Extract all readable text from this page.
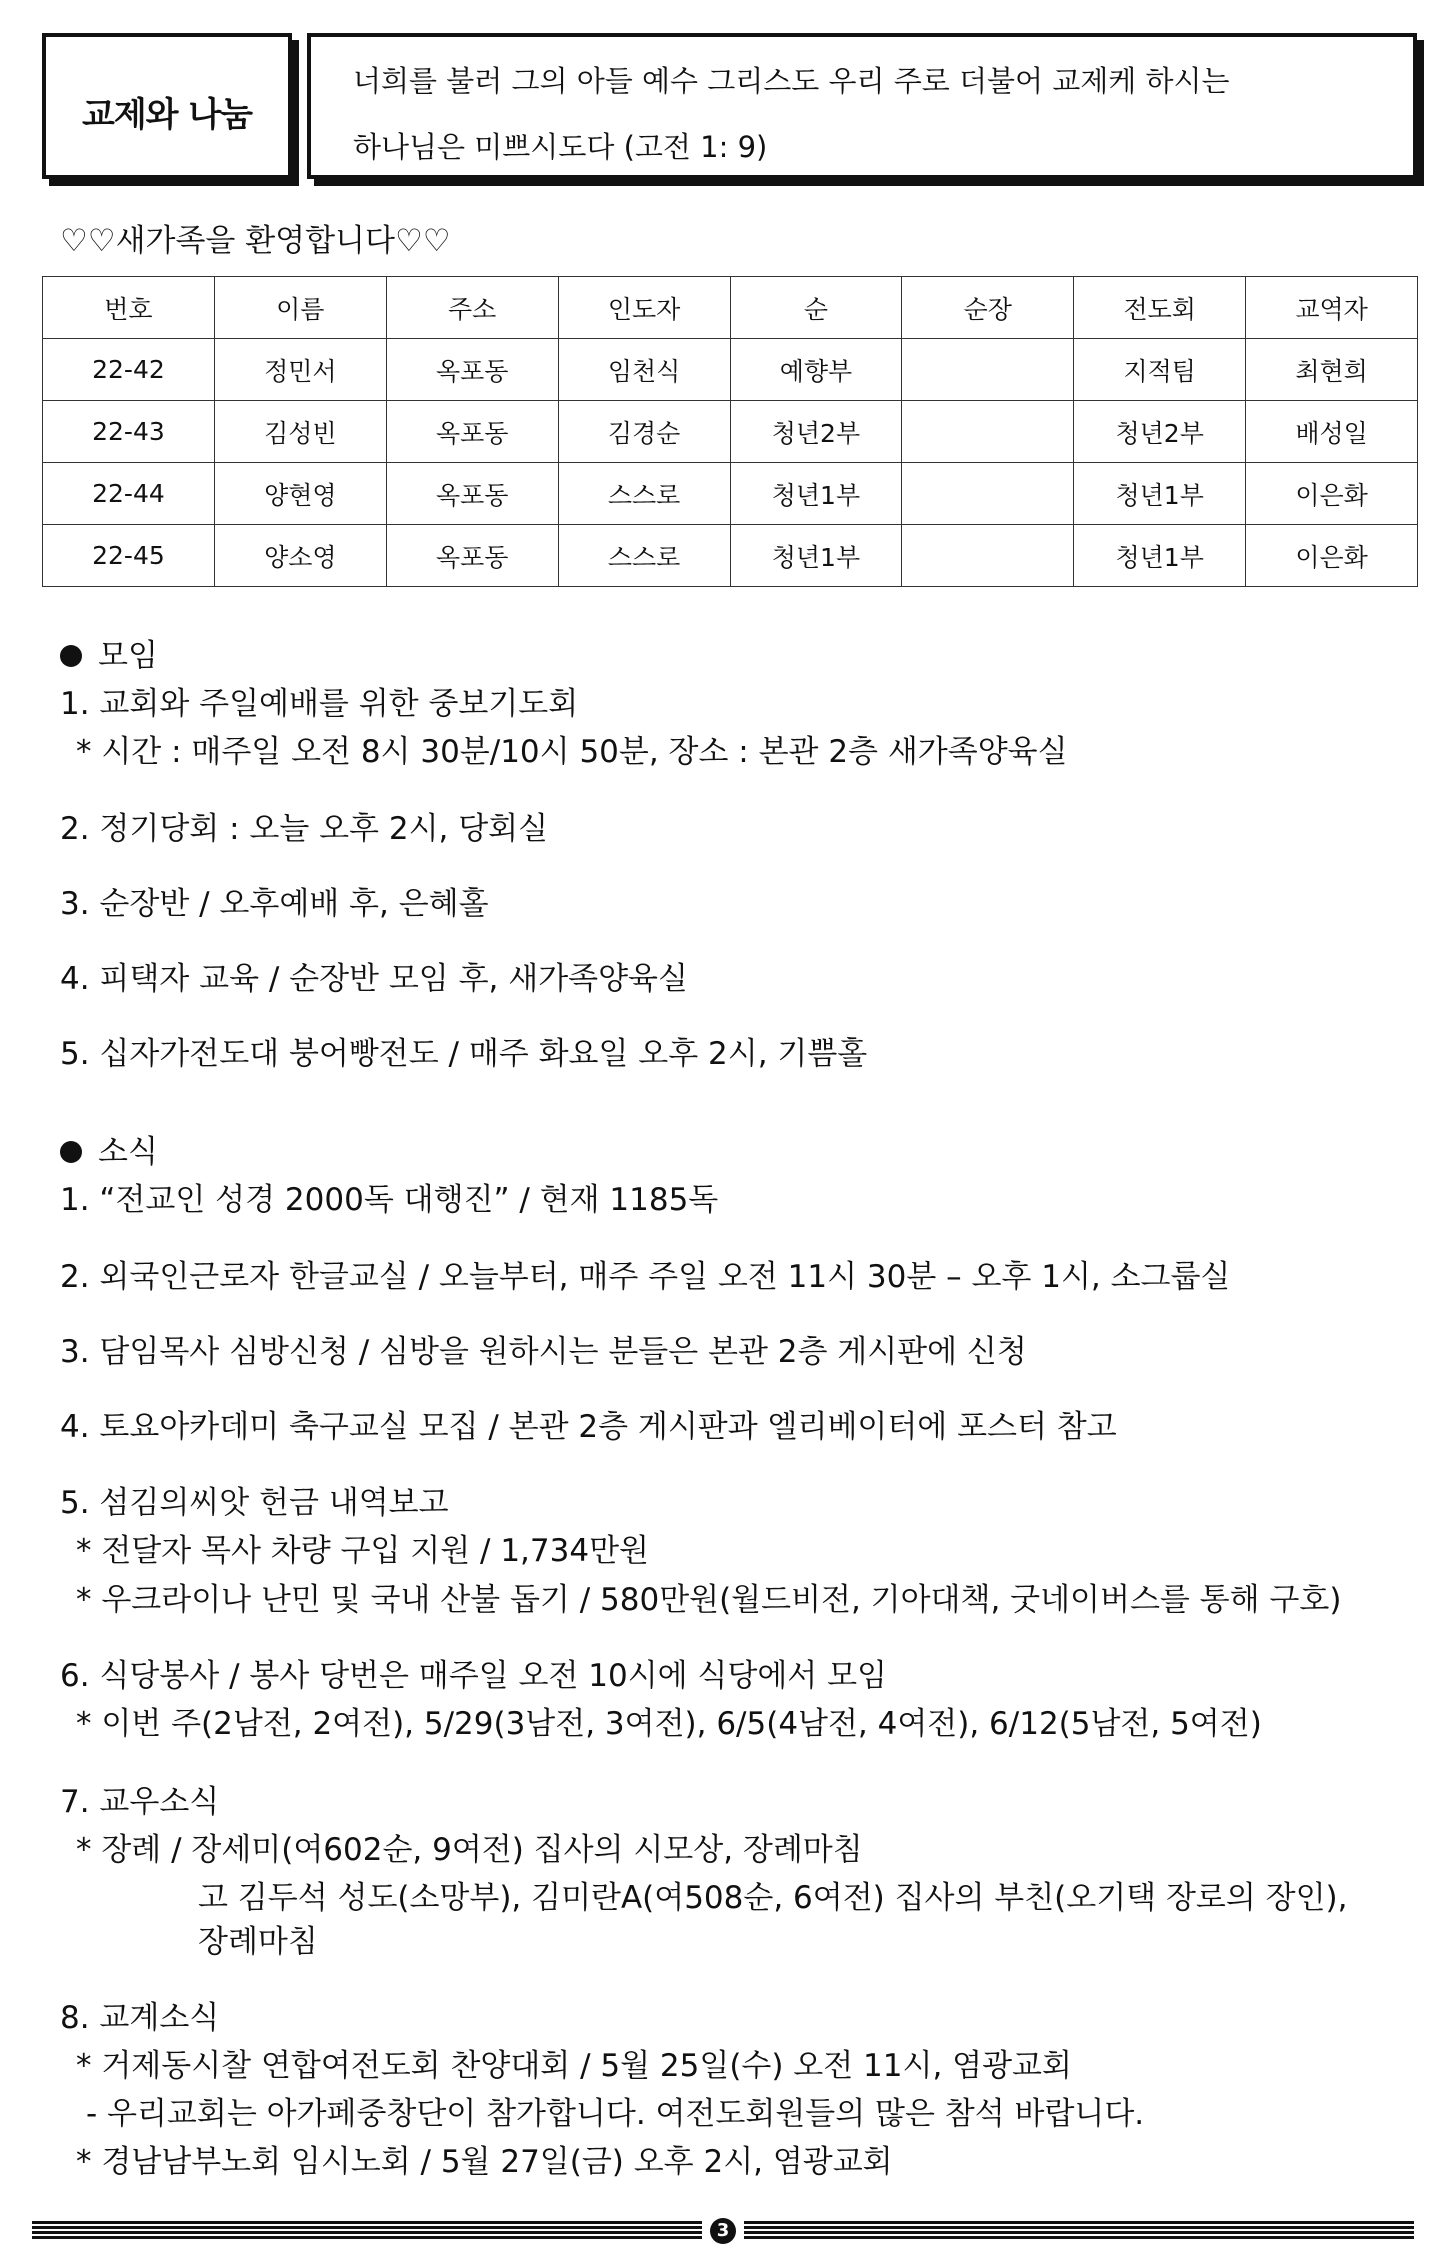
교제와 나눔
너희를 불러 그의 아들 예수 그리스도 우리 주로 더불어 교제케 하시는
하나님은 미쁘시도다 (고전 1: 9)
♡♡새가족을 환영합니다♡♡
번호	이름	주소	인도자	순	순장	전도회	교역자
22-42	정민서	옥포동	임천식	예향부		지적팀	최현희
22-43	김성빈	옥포동	김경순	청년2부		청년2부	배성일
22-44	양현영	옥포동	스스로	청년1부		청년1부	이은화
22-45	양소영	옥포동	스스로	청년1부		청년1부	이은화
모임
1. 교회와 주일예배를 위한 중보기도회
* 시간 : 매주일 오전 8시 30분/10시 50분, 장소 : 본관 2층 새가족양육실
2. 정기당회 : 오늘 오후 2시, 당회실
3. 순장반 / 오후예배 후, 은혜홀
4. 피택자 교육 / 순장반 모임 후, 새가족양육실
5. 십자가전도대 붕어빵전도 / 매주 화요일 오후 2시, 기쁨홀
소식
1. “전교인 성경 2000독 대행진” / 현재 1185독
2. 외국인근로자 한글교실 / 오늘부터, 매주 주일 오전 11시 30분 – 오후 1시, 소그룹실
3. 담임목사 심방신청 / 심방을 원하시는 분들은 본관 2층 게시판에 신청
4. 토요아카데미 축구교실 모집 / 본관 2층 게시판과 엘리베이터에 포스터 참고
5. 섬김의씨앗 헌금 내역보고
* 전달자 목사 차량 구입 지원 / 1,734만원
* 우크라이나 난민 및 국내 산불 돕기 / 580만원(월드비전, 기아대책, 굿네이버스를 통해 구호)
6. 식당봉사 / 봉사 당번은 매주일 오전 10시에 식당에서 모임
* 이번 주(2남전, 2여전), 5/29(3남전, 3여전), 6/5(4남전, 4여전), 6/12(5남전, 5여전)
7. 교우소식
* 장례 / 장세미(여602순, 9여전) 집사의 시모상, 장례마침
고 김두석 성도(소망부), 김미란A(여508순, 6여전) 집사의 부친(오기택 장로의 장인),
장례마침
8. 교계소식
* 거제동시찰 연합여전도회 찬양대회 / 5월 25일(수) 오전 11시, 염광교회
- 우리교회는 아가페중창단이 참가합니다. 여전도회원들의 많은 참석 바랍니다.
* 경남남부노회 임시노회 / 5월 27일(금) 오후 2시, 염광교회
3
